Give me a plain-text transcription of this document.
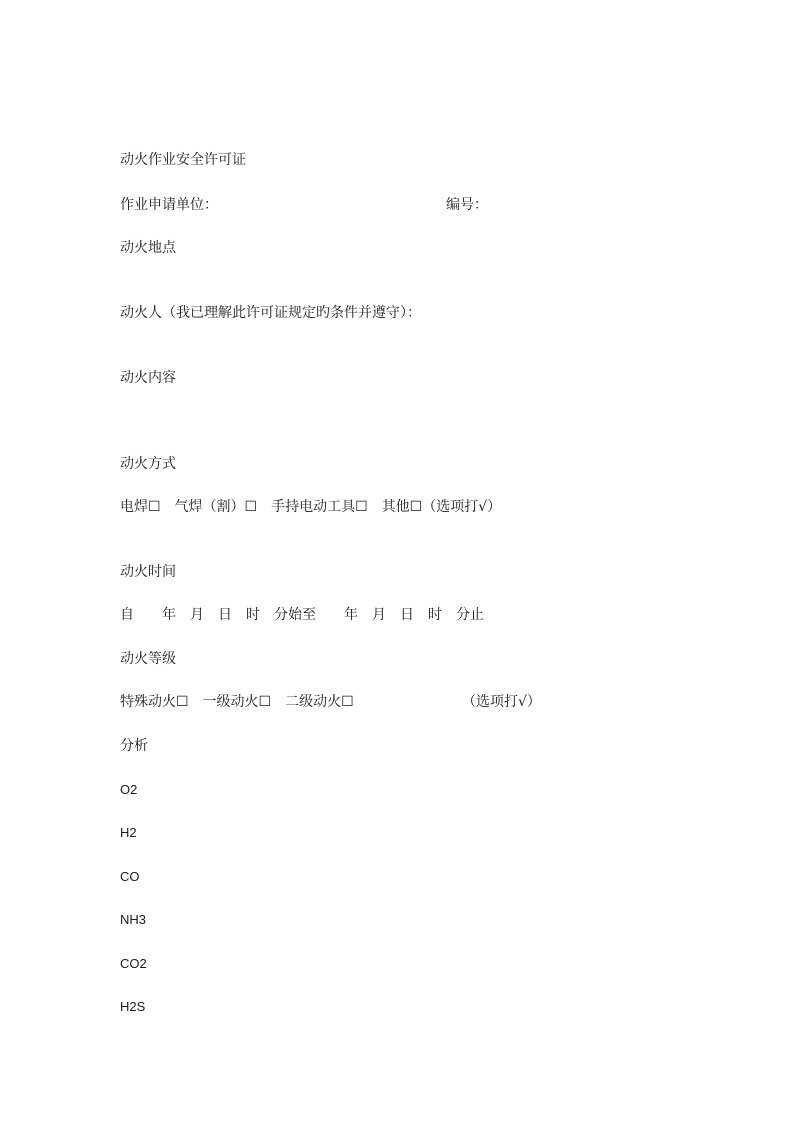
动火作业安全许可证
作业申请单位：	编号：
动火地点
动火人（我已理解此许可证规定旳条件并遵守）：
动火内容
动火方式
电焊☐　气焊（割）☐　手持电动工具☐　其他☐（选项打√）
动火时间
自　　年　月　日　时　分始至　　年　月　日　时　分止
动火等级
特殊动火☐　一级动火☐　二级动火☐	（选项打√）
分析
O2
H2
CO
NH3
CO2
H2S
